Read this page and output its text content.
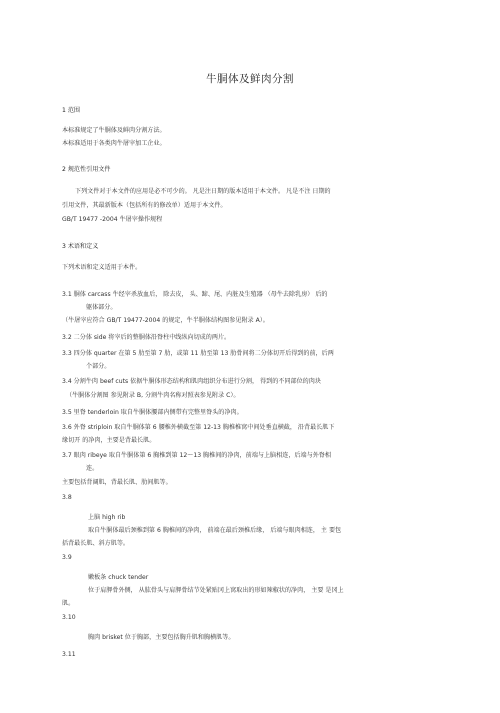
牛胴体及鲜肉分割
1 范围
本标准规定了牛胴体及鲜肉分割方法。
本标准适用于各类肉牛屠宰加工企业。
2 规范性引用文件
下列文件对于本文件的应用是必不可少的。 凡是注日期的版本适用于本文件。 凡是不注 日期的
引用文件，其最新版本（包括所有的修改单）适用于本文件。
GB/T 19477 -2004 牛屠宰操作规程
3 术语和定义
下列术语和定义适用于本件。
3.1 胴体 carcass 牛经宰杀放血后， 除去皮， 头、蹄、尾、内脏及生殖器 （母牛去除乳房） 后的
躯体部分。
（牛屠宰应符合 GB/T 19477-2004 的规定，牛半胴体结构图参见附录 A）。
3.2 二分体 side 将宰后的整胴体沿脊柱中线纵向切成的两片。
3.3 四分体 quarter 在第 5 肋至第 7 肋，或第 11 肋至第 13 肋骨间将二分体切开后得到的前，后两
个部分。
3.4 分割牛肉 beef cuts 依据牛胴体形态结构和肌肉组织分布进行分割， 得到的不同部位的肉块
（牛胴体分割图 参见附录 B, 分割牛肉名称对照表参见附录 C）。
3.5 里脊 tenderloin 取自牛胴体腰部内侧带有完整里脊头的净肉。
3.6 外脊 striploin 取自牛胴体第 6 腰椎外横截至第 12-13 胸椎椎窝中间处垂直横截， 沿背最长肌下
缘切开 的净肉，主要是背最长肌。
3.7 眼肉 ribeye 取自牛胴体第 6 胸椎到第 12～13 胸椎间的净肉，前端与上脑相连，后端与外脊相
连。
主要包括背阔肌，背最长肌、肋间肌等。
3.8
上脑 high rib
取自牛胴体最后颈椎到第 6 胸椎间的净肉， 前端在最后颈椎后缘， 后端与眼肉相连， 主 要包
括背最长肌、斜方肌等。
3.9
嫩板条 chuck tender
位于肩胛骨外侧， 从肱骨头与肩胛骨结节处紧贴冈上窝取出的形如辣椒状的净肉， 主要 是冈上
肌。
3.10
胸肉 brisket 位于胸部，主要包括胸升肌和胸横肌等。
3.11
